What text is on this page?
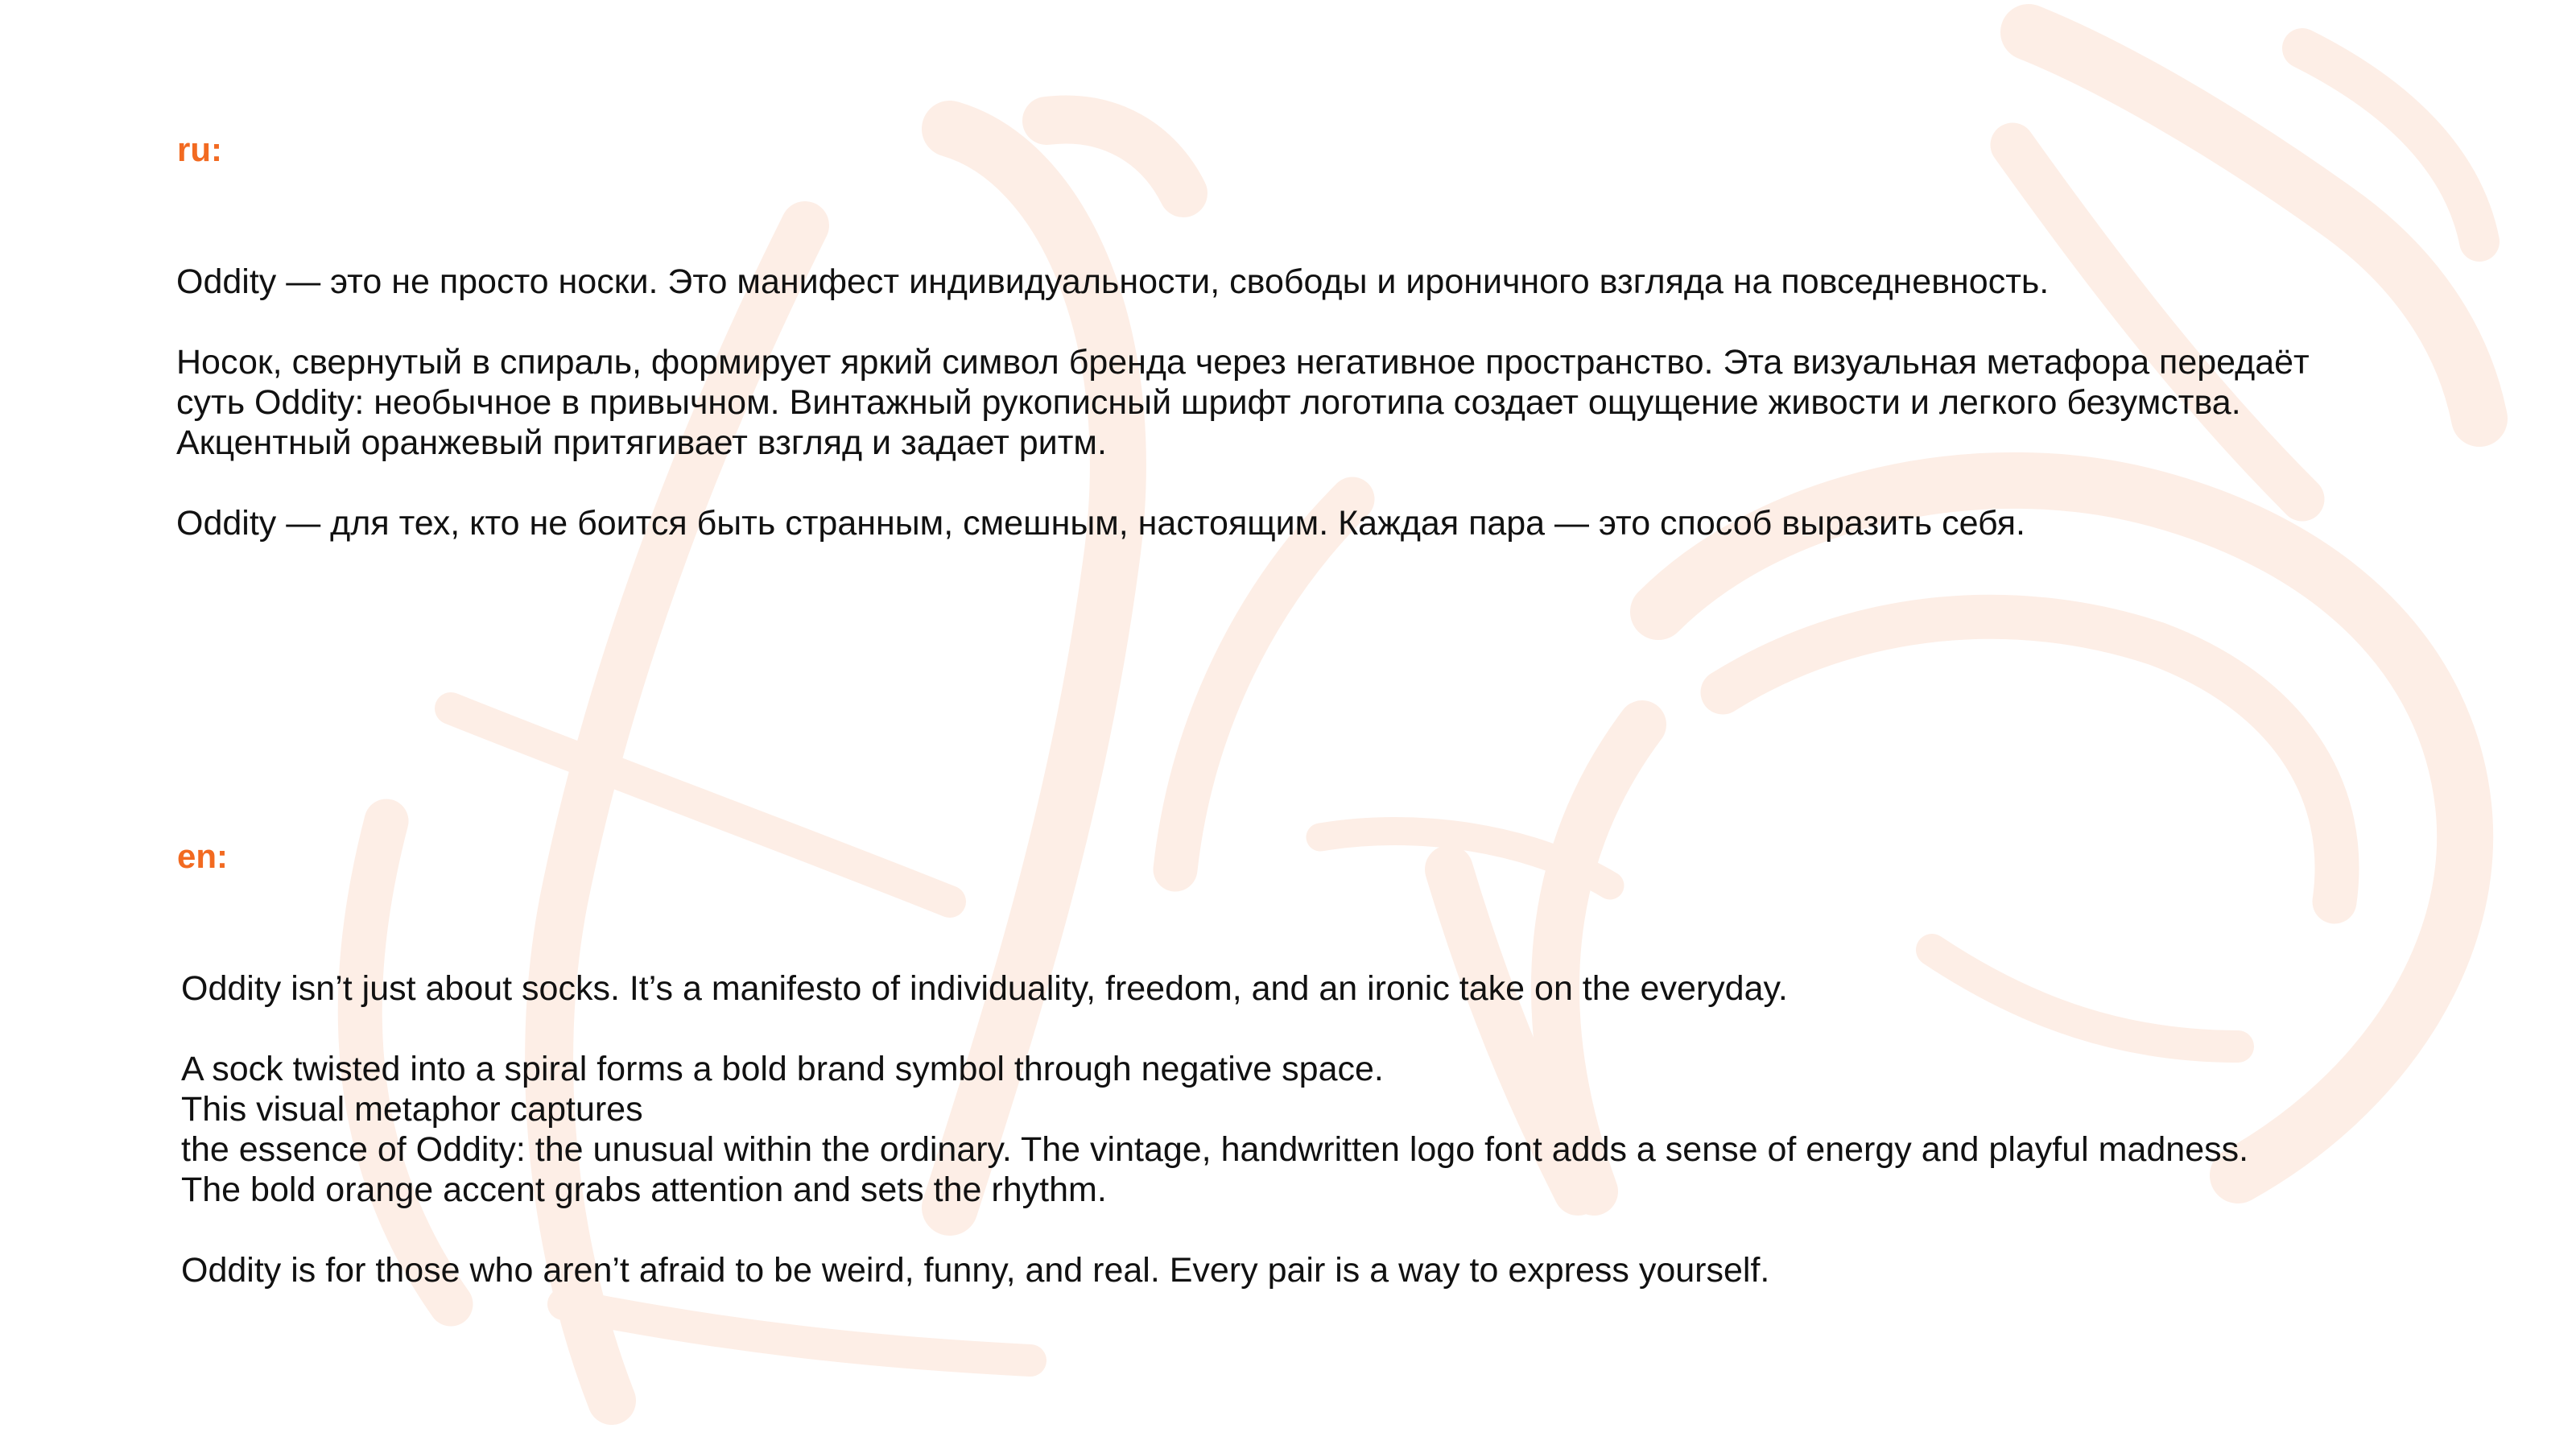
ru:

Oddity — это не просто носки. Это манифест индивидуальности, свободы и ироничного взгляда на повседневность.

Носок, свернутый в спираль, формирует яркий символ бренда через негативное пространство. Эта визуальная метафора передаёт
суть Oddity: необычное в привычном. Винтажный рукописный шрифт логотипа создает ощущение живости и легкого безумства.
Акцентный оранжевый притягивает взгляд и задает ритм.

Oddity — для тех, кто не боится быть странным, смешным, настоящим. Каждая пара — это способ выразить себя.

en:

Oddity isn’t just about socks. It’s a manifesto of individuality, freedom, and an ironic take on the everyday.

A sock twisted into a spiral forms a bold brand symbol through negative space.
This visual metaphor captures
the essence of Oddity: the unusual within the ordinary. The vintage, handwritten logo font adds a sense of energy and playful madness.
The bold orange accent grabs attention and sets the rhythm.

Oddity is for those who aren’t afraid to be weird, funny, and real. Every pair is a way to express yourself.
